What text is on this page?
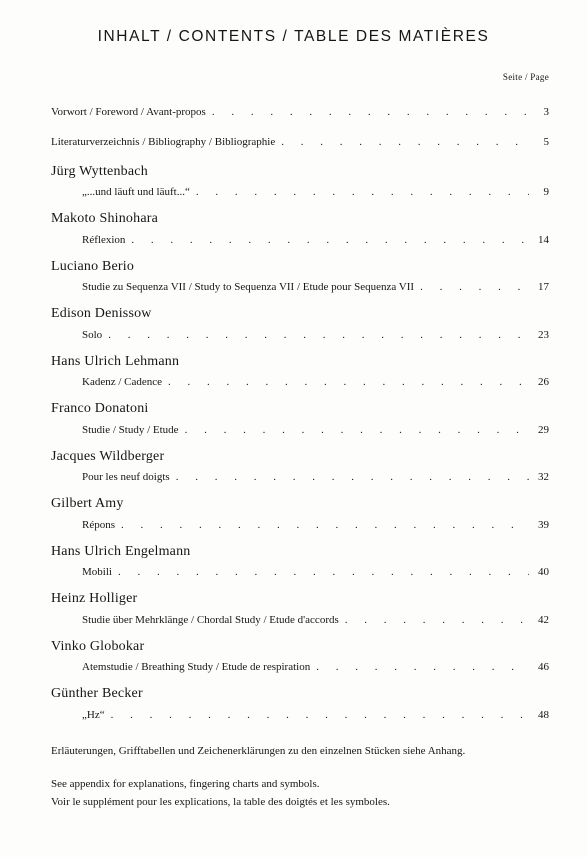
INHALT / CONTENTS / TABLE DES MATIÈRES
Seite / Page
Vorwort / Foreword / Avant-propos . . .	3
Literaturverzeichnis / Bibliography / Bibliographie . . .	5
Jürg Wyttenbach
„...und läuft und läuft...“ . . .	9
Makoto Shinohara
Réflexion . . .	14
Luciano Berio
Studie zu Sequenza VII / Study to Sequenza VII / Etude pour Sequenza VII . . .	17
Edison Denissow
Solo . . .	23
Hans Ulrich Lehmann
Kadenz / Cadence . . .	26
Franco Donatoni
Studie / Study / Etude . . .	29
Jacques Wildberger
Pour les neuf doigts . . .	32
Gilbert Amy
Répons . . .	39
Hans Ulrich Engelmann
Mobili . . .	40
Heinz Holliger
Studie über Mehrklänge / Chordal Study / Etude d'accords . . .	42
Vinko Globokar
Atemstudie / Breathing Study / Etude de respiration . . .	46
Günther Becker
„Hz“ . . .	48
Erläuterungen, Grifftabellen und Zeichenerklärungen zu den einzelnen Stücken siehe Anhang.
See appendix for explanations, fingering charts and symbols.
Voir le supplément pour les explications, la table des doigtés et les symboles.
